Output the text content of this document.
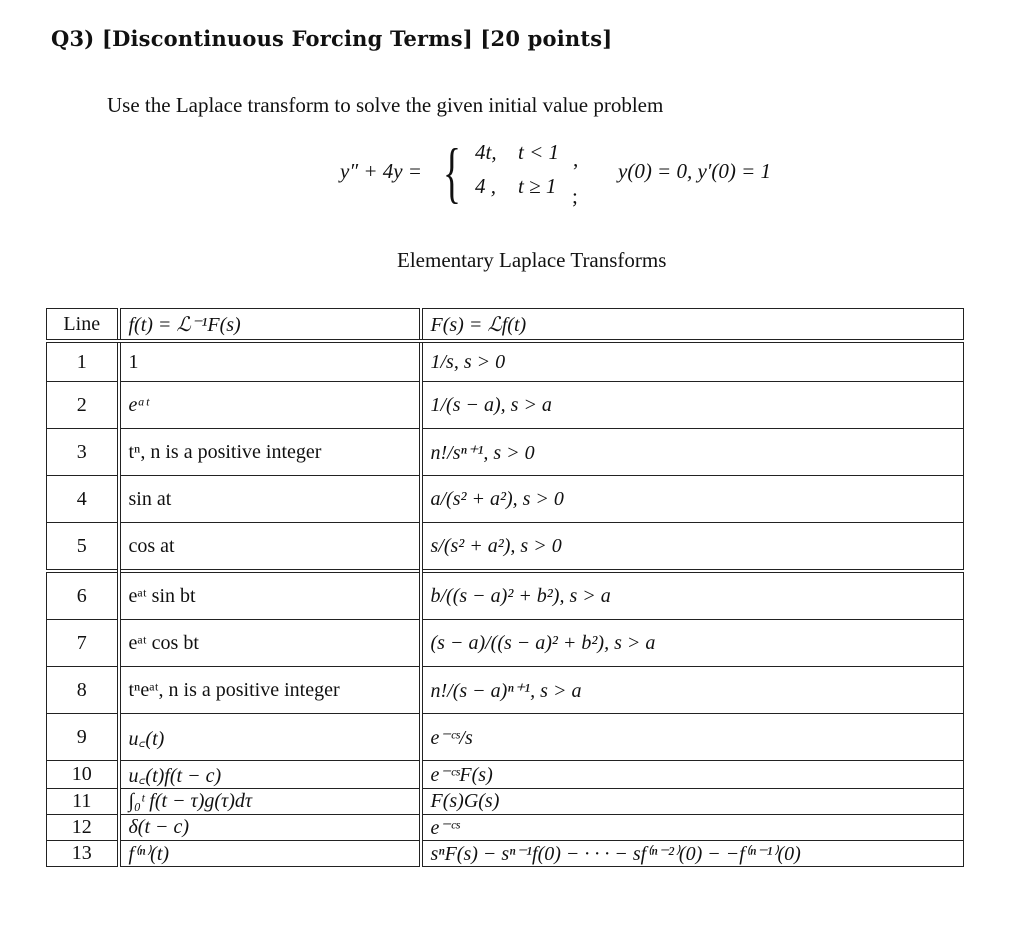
Q3) [Discontinuous Forcing Terms] [20 points]
Use the Laplace transform to solve the given initial value problem
y″ + 4y = { 4t, t < 1
4 , t ≥ 1
’ ;
y(0) = 0, y′(0) = 1
Elementary Laplace Transforms
Line	f(t) = ℒ⁻¹F(s)	F(s) = ℒf(t)
1	1	1/s, s > 0
2	eᵃᵗ	1/(s − a), s > a
3	tⁿ, n is a positive integer	n!/sⁿ⁺¹, s > 0
4	sin at	a/(s² + a²), s > 0
5	cos at	s/(s² + a²), s > 0
6	eᵃᵗ sin bt	b/((s − a)² + b²), s > a
7	eᵃᵗ cos bt	(s − a)/((s − a)² + b²), s > a
8	tⁿeᵃᵗ, n is a positive integer	n!/(s − a)ⁿ⁺¹, s > a
9	u꜀(t)	e⁻ᶜˢ/s
10	u꜀(t)f(t − c)	e⁻ᶜˢF(s)
11	∫₀ᵗ f(t − τ)g(τ)dτ	F(s)G(s)
12	δ(t − c)	e⁻ᶜˢ
13	f⁽ⁿ⁾(t)	sⁿF(s) − sⁿ⁻¹f(0) − · · · − sf⁽ⁿ⁻²⁾(0) − −f⁽ⁿ⁻¹⁾(0)
